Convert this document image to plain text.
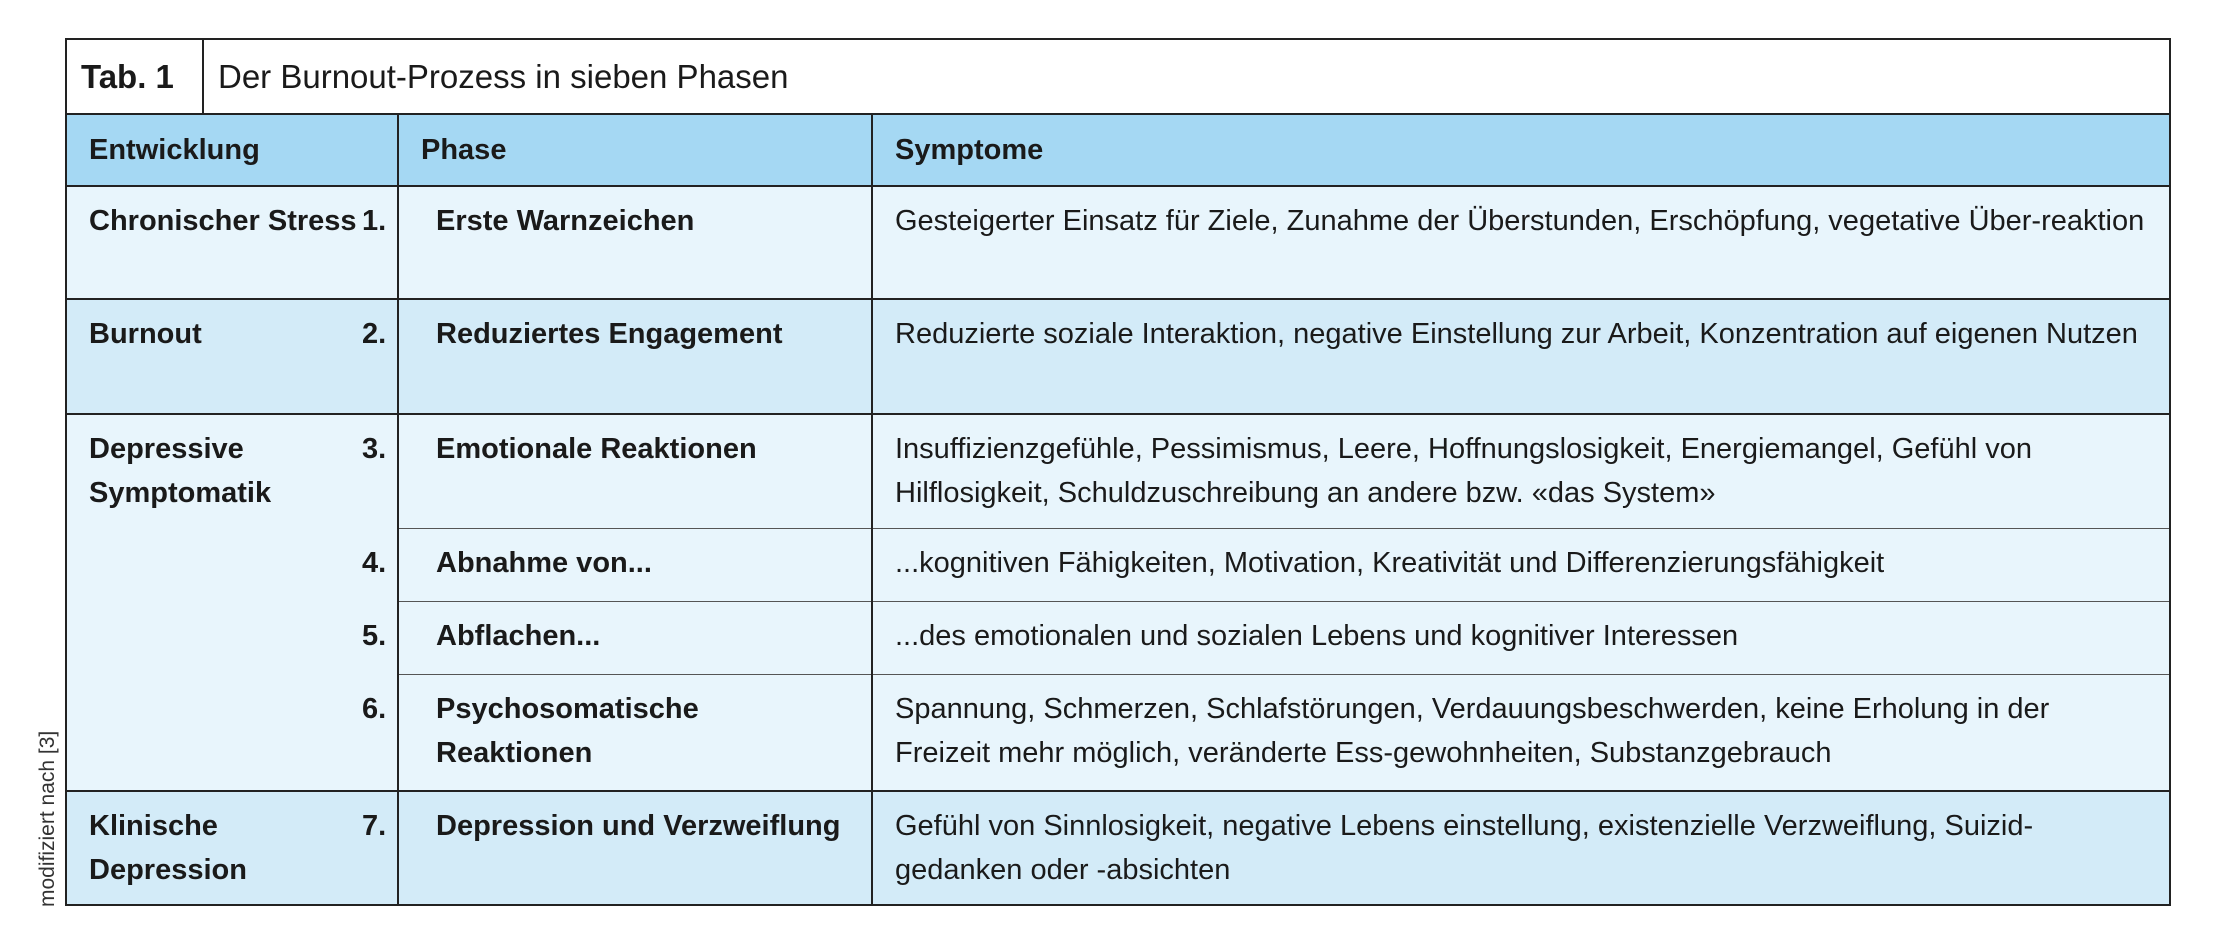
modifiziert nach [3]
Tab. 1	Der Burnout-Prozess in sieben Phasen
Entwicklung	Phase	Symptome
Chronischer Stress	1. Erste Warnzeichen	Gesteigerter Einsatz für Ziele, Zunahme der Überstunden, Erschöpfung, vegetative Über-reaktion
Burnout	2. Reduziertes Engagement	Reduzierte soziale Interaktion, negative Einstellung zur Arbeit, Konzentration auf eigenen Nutzen
Depressive Symptomatik	3. Emotionale Reaktionen	Insuffizienzgefühle, Pessimismus, Leere, Hoffnungslosigkeit, Energiemangel, Gefühl von Hilflosigkeit, Schuldzuschreibung an andere bzw. «das System»
	4. Abnahme von...	...kognitiven Fähigkeiten, Motivation, Kreativität und Differenzierungsfähigkeit
	5. Abflachen...	...des emotionalen und sozialen Lebens und kognitiver Interessen
	6. Psychosomatische Reaktionen	Spannung, Schmerzen, Schlafstörungen, Verdauungsbeschwerden, keine Erholung in der Freizeit mehr möglich, veränderte Ess-gewohnheiten, Substanzgebrauch
Klinische Depression	7. Depression und Verzweiflung	Gefühl von Sinnlosigkeit, negative Lebens einstellung, existenzielle Verzweiflung, Suizid-gedanken oder -absichten
